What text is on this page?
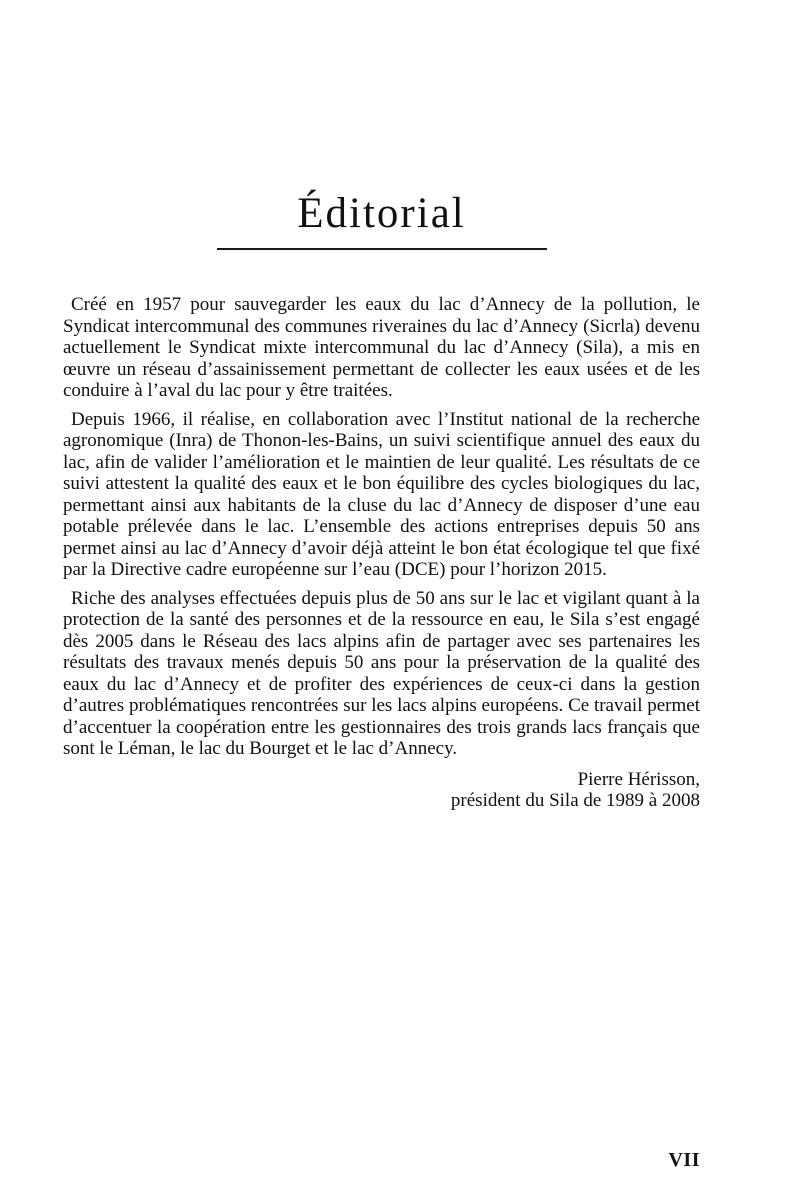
Éditorial

Créé en 1957 pour sauvegarder les eaux du lac d’Annecy de la pollution, le Syndicat intercommunal des communes riveraines du lac d’Annecy (Sicrla) devenu actuellement le Syndicat mixte intercommunal du lac d’Annecy (Sila), a mis en œuvre un réseau d’assainissement permettant de collecter les eaux usées et de les conduire à l’aval du lac pour y être traitées.

Depuis 1966, il réalise, en collaboration avec l’Institut national de la recherche agronomique (Inra) de Thonon-les-Bains, un suivi scientifique annuel des eaux du lac, afin de valider l’amélioration et le maintien de leur qualité. Les résultats de ce suivi attestent la qualité des eaux et le bon équilibre des cycles biologiques du lac, permettant ainsi aux habitants de la cluse du lac d’Annecy de disposer d’une eau potable prélevée dans le lac. L’ensemble des actions entreprises depuis 50 ans permet ainsi au lac d’Annecy d’avoir déjà atteint le bon état écologique tel que fixé par la Directive cadre européenne sur l’eau (DCE) pour l’horizon 2015.

Riche des analyses effectuées depuis plus de 50 ans sur le lac et vigilant quant à la protection de la santé des personnes et de la ressource en eau, le Sila s’est engagé dès 2005 dans le Réseau des lacs alpins afin de partager avec ses partenaires les résultats des travaux menés depuis 50 ans pour la préservation de la qualité des eaux du lac d’Annecy et de profiter des expériences de ceux-ci dans la gestion d’autres problématiques rencontrées sur les lacs alpins européens. Ce travail permet d’accentuer la coopération entre les gestionnaires des trois grands lacs français que sont le Léman, le lac du Bourget et le lac d’Annecy.

Pierre Hérisson,
président du Sila de 1989 à 2008
VII
